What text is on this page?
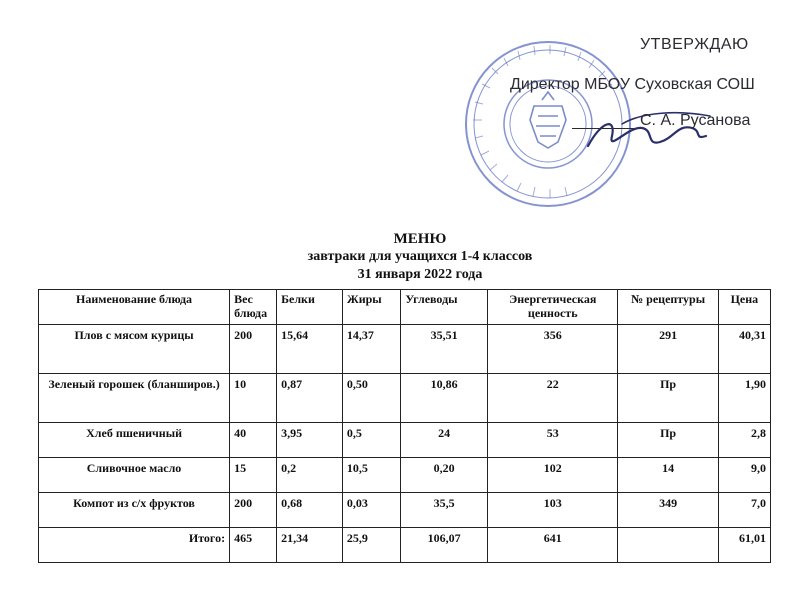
УТВЕРЖДАЮ
Директор МБОУ Суховская СОШ
С. А. Русанова
МЕНЮ
завтраки для учащихся 1-4 классов
31 января 2022 года
Наименование блюда	Вес блюда	Белки	Жиры	Углеводы	Энергетическая ценность	№ рецептуры	Цена
Плов с мясом курицы	200	15,64	14,37	35,51	356	291	40,31
Зеленый горошек (бланширов.)	10	0,87	0,50	10,86	22	Пр	1,90
Хлеб пшеничный	40	3,95	0,5	24	53	Пр	2,8
Сливочное масло	15	0,2	10,5	0,20	102	14	9,0
Компот из с/х фруктов	200	0,68	0,03	35,5	103	349	7,0
Итого:	465	21,34	25,9	106,07	641		61,01
